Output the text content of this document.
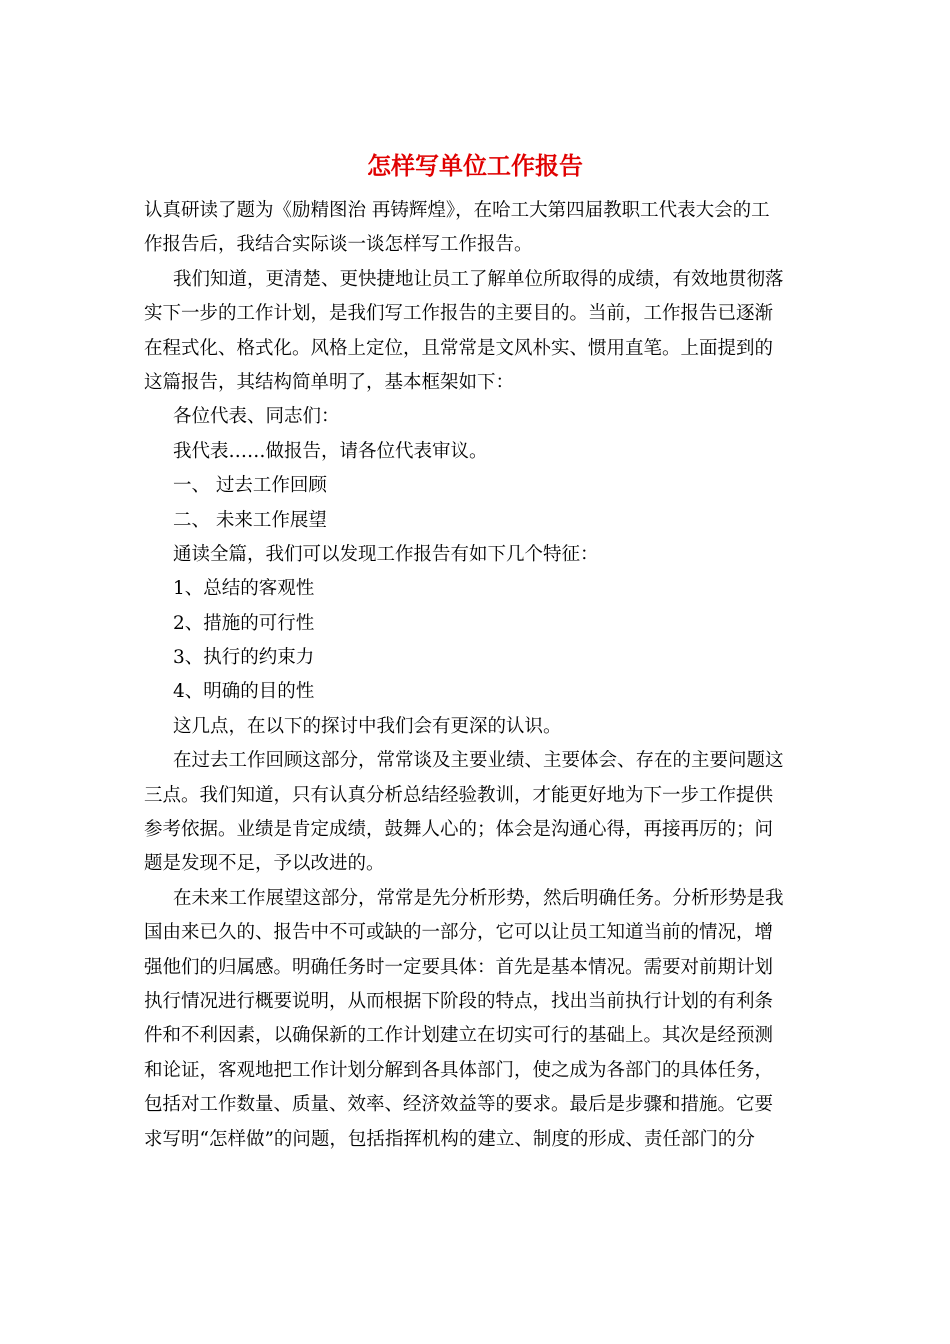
怎样写单位工作报告

认真研读了题为《励精图治 再铸辉煌》，在哈工大第四届教职工代表大会的工

作报告后，我结合实际谈一谈怎样写工作报告。

我们知道，更清楚、更快捷地让员工了解单位所取得的成绩，有效地贯彻落

实下一步的工作计划，是我们写工作报告的主要目的。当前，工作报告已逐渐

在程式化、格式化。风格上定位，且常常是文风朴实、惯用直笔。上面提到的

这篇报告，其结构简单明了，基本框架如下：

各位代表、同志们：

我代表……做报告，请各位代表审议。

一、 过去工作回顾

二、 未来工作展望

通读全篇，我们可以发现工作报告有如下几个特征：

1、总结的客观性

2、措施的可行性

3、执行的约束力

4、明确的目的性

这几点，在以下的探讨中我们会有更深的认识。

在过去工作回顾这部分，常常谈及主要业绩、主要体会、存在的主要问题这

三点。我们知道，只有认真分析总结经验教训，才能更好地为下一步工作提供

参考依据。业绩是肯定成绩，鼓舞人心的；体会是沟通心得，再接再厉的；问

题是发现不足，予以改进的。

在未来工作展望这部分，常常是先分析形势，然后明确任务。分析形势是我

国由来已久的、报告中不可或缺的一部分，它可以让员工知道当前的情况，增

强他们的归属感。明确任务时一定要具体：首先是基本情况。需要对前期计划

执行情况进行概要说明，从而根据下阶段的特点，找出当前执行计划的有利条

件和不利因素，以确保新的工作计划建立在切实可行的基础上。其次是经预测

和论证，客观地把工作计划分解到各具体部门，使之成为各部门的具体任务，

包括对工作数量、质量、效率、经济效益等的要求。最后是步骤和措施。它要

求写明“怎样做”的问题，包括指挥机构的建立、制度的形成、责任部门的分
